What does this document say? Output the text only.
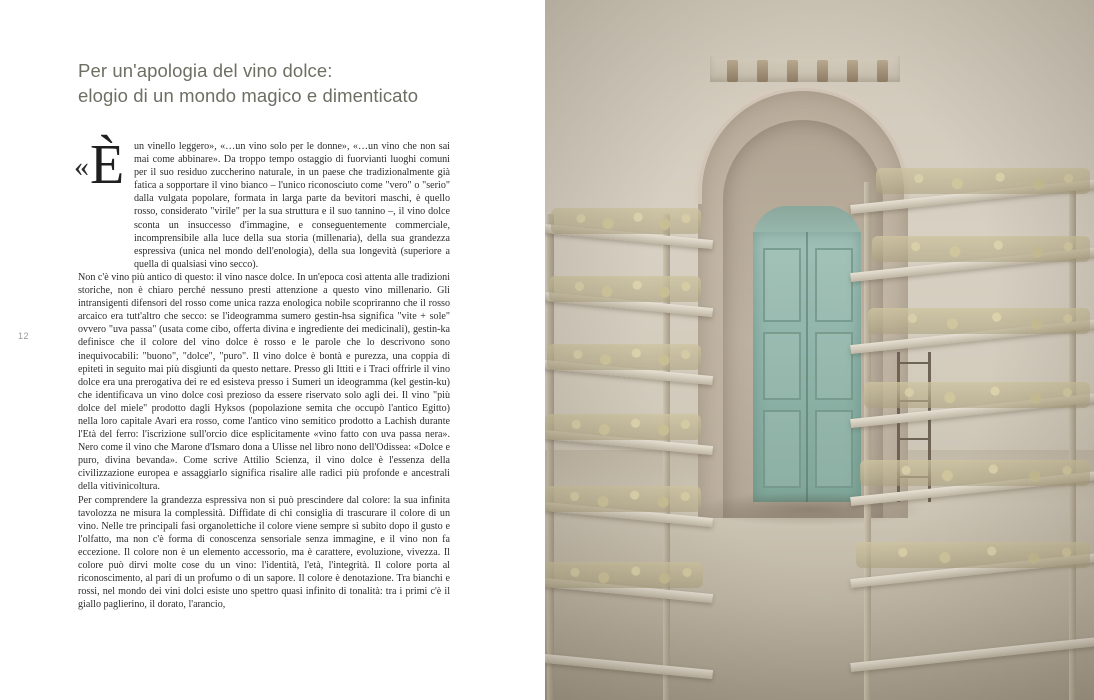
12
Per un'apologia del vino dolce:
elogio di un mondo magico e dimenticato
« È un vinello leggero», «…un vino solo per le donne», «…un vino che non sai mai come abbinare». Da troppo tempo ostaggio di fuorvianti luoghi comuni per il suo residuo zuccherino naturale, in un paese che tradizionalmente già fatica a sopportare il vino bianco – l'unico riconosciuto come "vero" o "serio" dalla vulgata popolare, formata in larga parte da bevitori maschi, è quello rosso, considerato "virile" per la sua struttura e il suo tannino –, il vino dolce sconta un insuccesso d'immagine, e conseguentemente commerciale, incomprensibile alla luce della sua storia (millenaria), della sua grandezza espressiva (unica nel mondo dell'enologia), della sua longevità (superiore a quella di qualsiasi vino secco).

Non c'è vino più antico di questo: il vino nasce dolce. In un'epoca così attenta alle tradizioni storiche, non è chiaro perché nessuno presti attenzione a questo vino millenario. Gli intransigenti difensori del rosso come unica razza enologica nobile scopriranno che il rosso arcaico era tutt'altro che secco: se l'ideogramma sumero gestin-hsa significa "vite + sole" ovvero "uva passa" (usata come cibo, offerta divina e ingrediente dei medicinali), gestin-ka definisce che il colore del vino dolce è rosso e le parole che lo descrivono sono inequivocabili: "buono", "dolce", "puro". Il vino dolce è bontà e purezza, una coppia di epiteti in seguito mai più disgiunti da questo nettare. Presso gli Ittiti e i Traci offrirle il vino dolce era una prerogativa dei re ed esisteva presso i Sumeri un ideogramma (kel gestin-ku) che identificava un vino dolce così prezioso da essere riservato solo agli dei. Il vino "più dolce del miele" prodotto dagli Hyksos (popolazione semita che occupò l'antico Egitto) nella loro capitale Avari era rosso, come l'antico vino semitico prodotto a Lachish durante l'Età del ferro: l'iscrizione sull'orcio dice esplicitamente «vino fatto con uva passa nera». Nero come il vino che Marone d'Ismaro dona a Ulisse nel libro nono dell'Odissea: «Dolce e puro, divina bevanda». Come scrive Attilio Scienza, il vino dolce è l'essenza della civilizzazione europea e assaggiarlo significa risalire alle radici più profonde e ancestrali della vitivinicoltura.

Per comprendere la grandezza espressiva non si può prescindere dal colore: la sua infinita tavolozza ne misura la complessità. Diffidate di chi consiglia di trascurare il colore di un vino. Nelle tre principali fasi organolettiche il colore viene sempre sì subito dopo il gusto e l'olfatto, ma non c'è forma di conoscenza sensoriale senza immagine, e il vino non fa eccezione. Il colore non è un elemento accessorio, ma è carattere, evoluzione, vivezza. Il colore può dirvi molte cose du un vino: l'identità, l'età, l'integrità. Il colore porta al riconoscimento, al pari di un profumo o di un sapore. Il colore è denotazione. Tra bianchi e rossi, nel mondo dei vini dolci esiste uno spettro quasi infinito di tonalità: tra i primi c'è il giallo paglierino, il dorato, l'arancio,
